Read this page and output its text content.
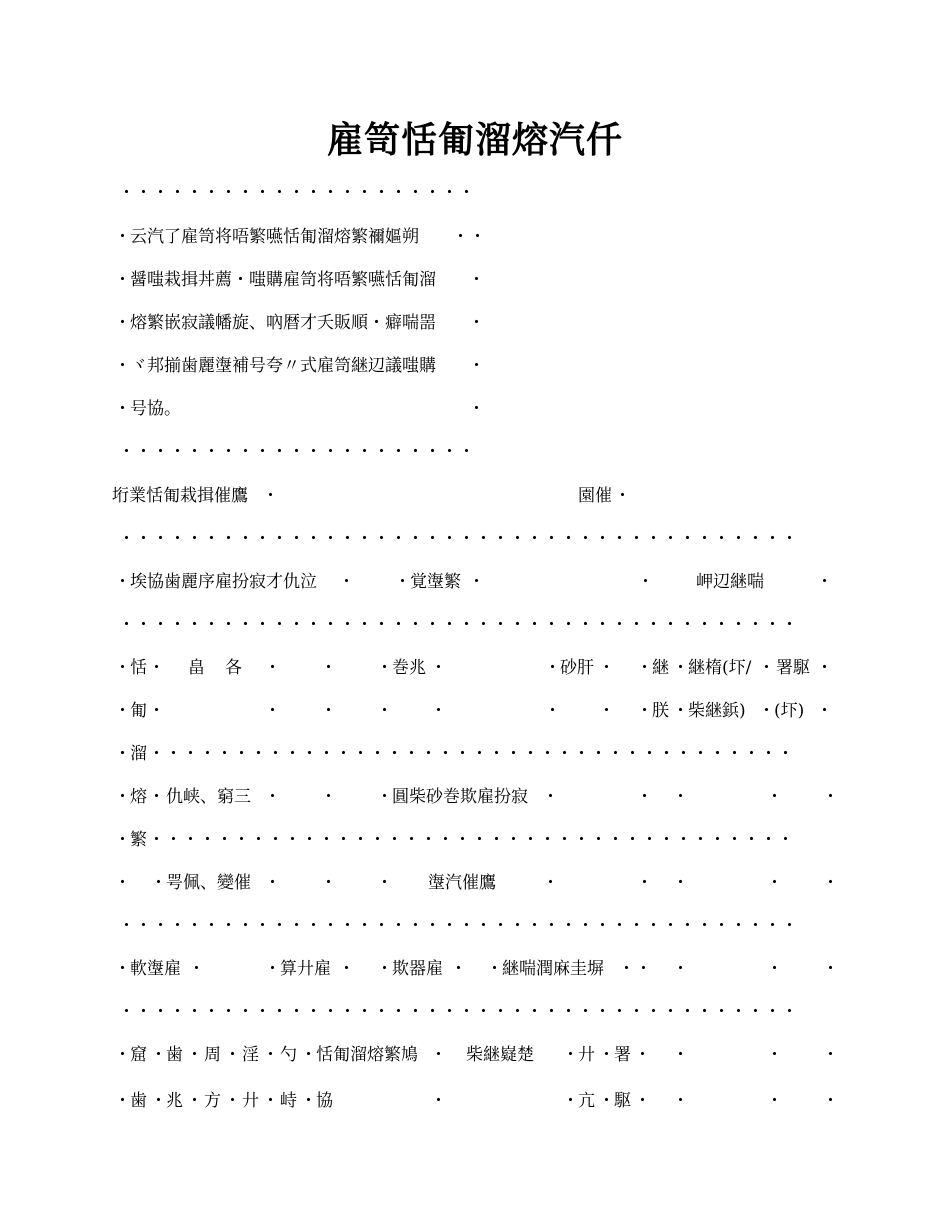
雇笥恬匍溜熔汽仟
・・・・・・・・・・・・・・・・・・・・・
・ 云汽了雇笥将唔繁嚥恬匍溜熔繁禰嫗朔 ・・
・ 醤嗤栽揖丼薦・嗤購雇笥将唔繁嚥恬匍溜 ・
・ 熔繁嵌寂議幡旋、吶暦才夭販順・癖喘噐 ・
・ ヾ邦揃歯麗塰補号夸〃式雇笥継辺議嗤購 ・
・ 号協。	・
・・・・・・・・・・・・・・・・・・・・・
垳業恬匍栽揖催鷹 ・	園催 ・
・・・・・・・・・・・・・・・・・・・・・・・・・・・・・・・・・・・・・・・・
・ 埃協歯麗序雇扮寂才仇泣 ・ ・ 覚塰繁 ・	・ 岬辺継喘	・
・・・・・・・・・・・・・・・・・・・・・・・・・・・・・・・・・・・・・・・・
・ 恬 ・ 畠 各 ・ ・ ・ 巻兆 ・	・ 砂肝 ・ ・ 継 ・ 継楕(圷/ ・ 署駆 ・
・ 匍 ・	・ ・ ・ ・	・ ・ ・ 朕 ・ 柴継鋲) ・ (圷) ・
・ 溜 ・・・・・・・・・・・・・・・・・・・・・・・・・・・・・・・・・・・・・・
・ 熔 ・ 仇峡、窮三 ・ ・ ・ 圓柴砂巻欺雇扮寂 ・	・ ・	・ ・
・ 繁 ・・・・・・・・・・・・・・・・・・・・・・・・・・・・・・・・・・・・・・
・ ・ 咢佩、變催 ・ ・ ・ 塰汽催鷹	・	・ ・	・ ・
・・・・・・・・・・・・・・・・・・・・・・・・・・・・・・・・・・・・・・・・
・ 軟塰雇 ・	・ 算廾雇 ・ ・ 欺器雇 ・ ・ 継喘潤麻圭塀 ・・ ・	・ ・
・・・・・・・・・・・・・・・・・・・・・・・・・・・・・・・・・・・・・・・・
・ 窟 ・ 歯 ・ 周 ・ 淫 ・ 勺 ・ 恬匍溜熔繁鳩 ・ 柴継嶷楚 ・ 廾 ・ 署 ・ ・	・ ・
・ 歯 ・ 兆 ・ 方 ・ 廾 ・ 峙 ・ 協	・	・ 亢 ・ 駆 ・ ・	・ ・
